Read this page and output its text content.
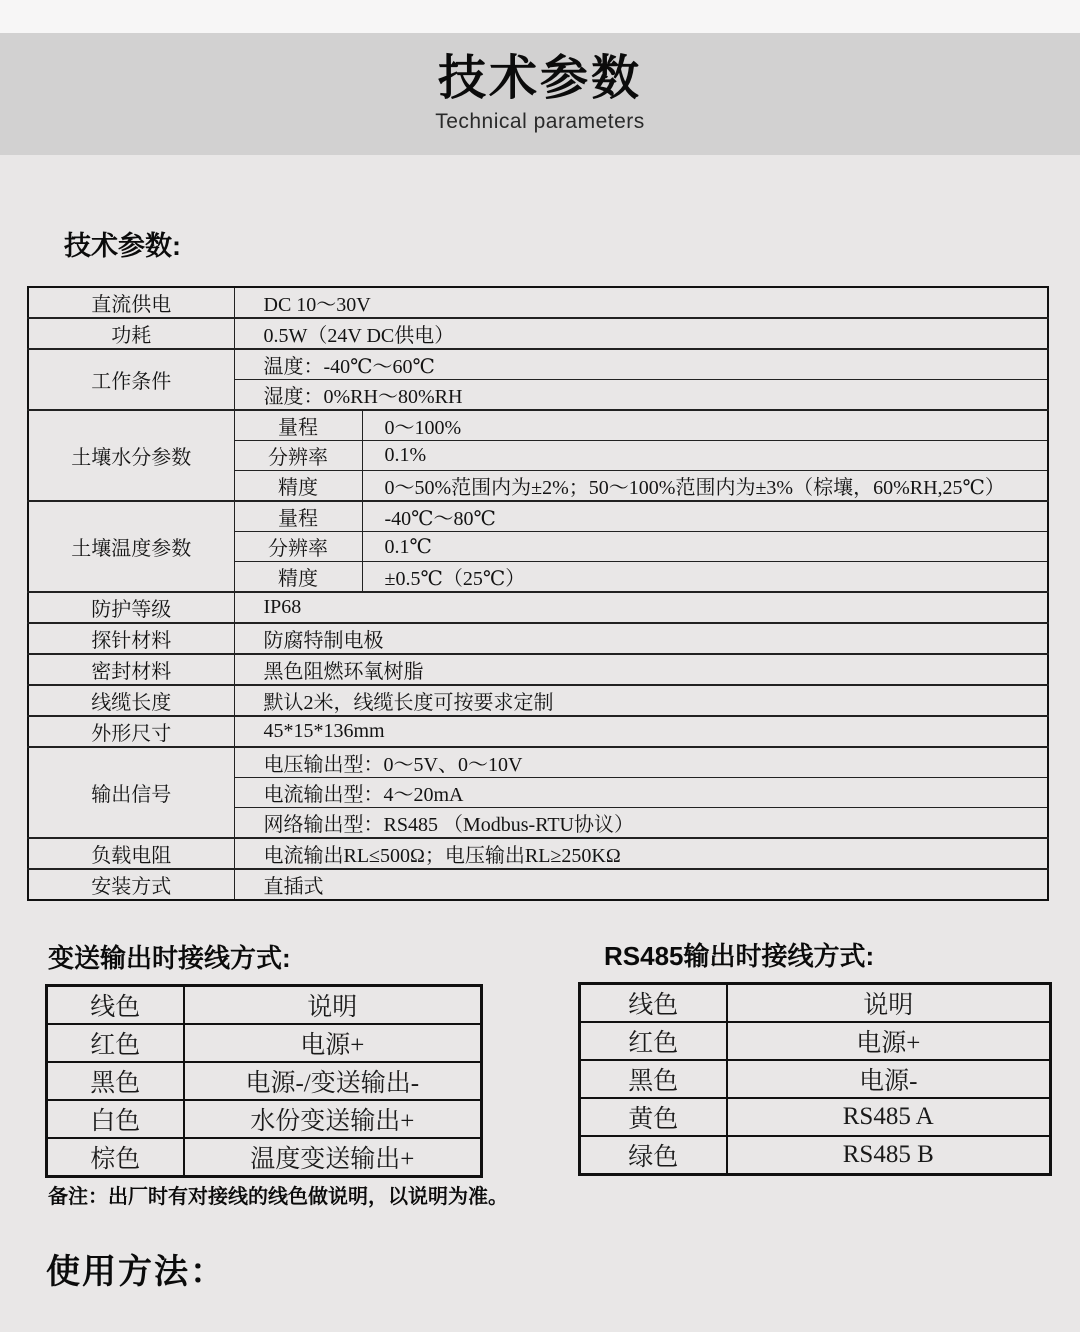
技术参数

Technical parameters

技术参数:
直流供电	DC 10～30V	
功耗	0.5W（24V DC供电）	
工作条件	温度：-40℃～60℃	
	湿度：0%RH～80%RH	
土壤水分参数	量程	0～100%
	分辨率	0.1%
	精度	0～50%范围内为±2%；50～100%范围内为±3%（棕壤，60%RH,25℃）
土壤温度参数	量程	-40℃～80℃
	分辨率	0.1℃
	精度	±0.5℃（25℃）
防护等级	IP68	
探针材料	防腐特制电极	
密封材料	黑色阻燃环氧树脂	
线缆长度	默认2米，线缆长度可按要求定制	
外形尺寸	45*15*136mm	
输出信号	电压输出型：0～5V、0～10V	
	电流输出型：4～20mA	
	网络输出型：RS485 （Modbus-RTU协议）	
负载电阻	电流输出RL≤500Ω；电压输出RL≥250KΩ	
安装方式	直插式	
变送输出时接线方式:
线色	说明
红色	电源+
黑色	电源-/变送输出-
白色	水份变送输出+
棕色	温度变送输出+
RS485输出时接线方式:
线色	说明
红色	电源+
黑色	电源-
黄色	RS485 A
绿色	RS485 B
备注：出厂时有对接线的线色做说明，以说明为准。
使用方法：
